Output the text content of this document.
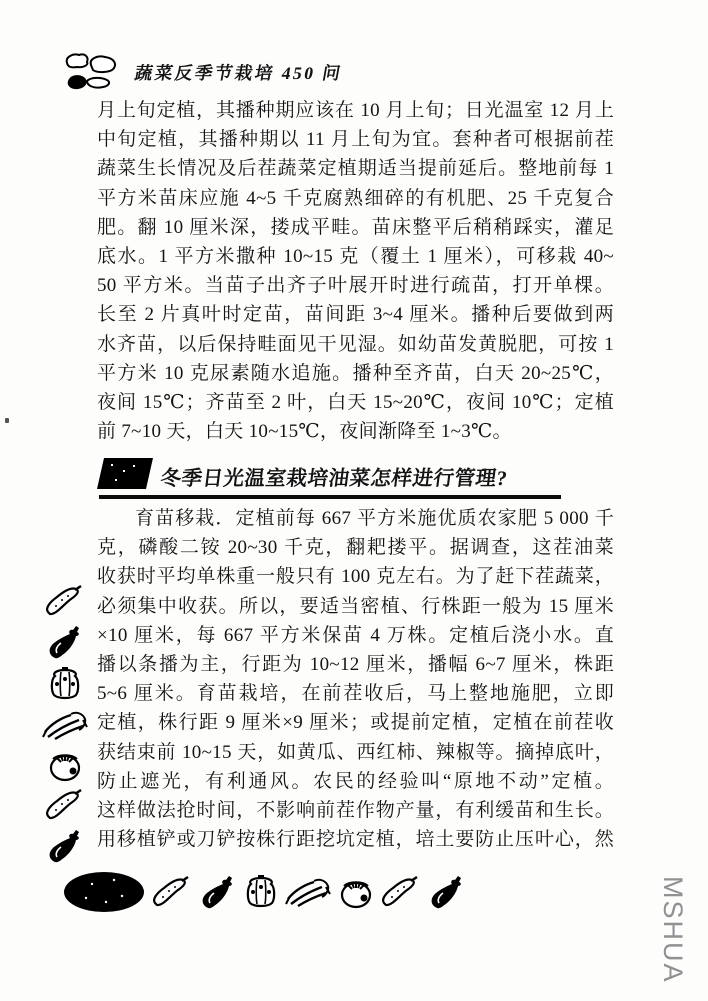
蔬菜反季节栽培 450 问
月上旬定植，其播种期应该在 10 月上旬；日光温室 12 月上
中旬定植，其播种期以 11 月上旬为宜。套种者可根据前茬
蔬菜生长情况及后茬蔬菜定植期适当提前延后。整地前每 1
平方米苗床应施 4~5 千克腐熟细碎的有机肥、25 千克复合
肥。翻 10 厘米深，搂成平畦。苗床整平后稍稍踩实，灌足
底水。1 平方米撒种 10~15 克（覆土 1 厘米），可移栽 40~
50 平方米。当苗子出齐子叶展开时进行疏苗，打开单棵。
长至 2 片真叶时定苗，苗间距 3~4 厘米。播种后要做到两
水齐苗，以后保持畦面见干见湿。如幼苗发黄脱肥，可按 1
平方米 10 克尿素随水追施。播种至齐苗，白天 20~25℃，
夜间 15℃；齐苗至 2 叶，白天 15~20℃，夜间 10℃；定植
前 7~10 天，白天 10~15℃，夜间渐降至 1~3℃。
冬季日光温室栽培油菜怎样进行管理?
育苗移栽．定植前每 667 平方米施优质农家肥 5 000 千
克，磷酸二铵 20~30 千克，翻耙搂平。据调查，这茬油菜
收获时平均单株重一般只有 100 克左右。为了赶下茬蔬菜，
必须集中收获。所以，要适当密植、行株距一般为 15 厘米
×10 厘米，每 667 平方米保苗 4 万株。定植后浇小水。直
播以条播为主，行距为 10~12 厘米，播幅 6~7 厘米，株距
5~6 厘米。育苗栽培，在前茬收后，马上整地施肥，立即
定植，株行距 9 厘米×9 厘米；或提前定植，定植在前茬收
获结束前 10~15 天，如黄瓜、西红柿、辣椒等。摘掉底叶，
防止遮光，有利通风。农民的经验叫“原地不动”定植。
这样做法抢时间，不影响前茬作物产量，有利缓苗和生长。
用移植铲或刀铲按株行距挖坑定植，培土要防止压叶心，然
MSHUA
